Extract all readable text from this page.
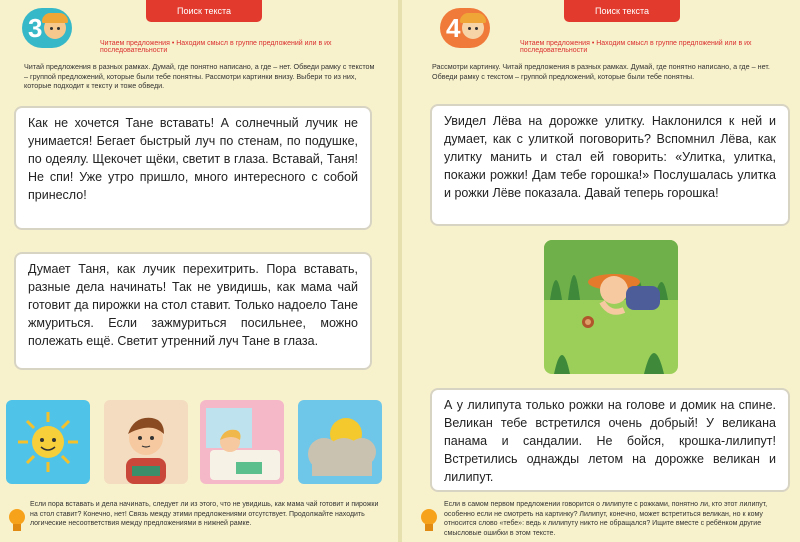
Поиск текста
3
Читаем предложения • Находим смысл в группе предложений или в их последовательности
Читай предложения в разных рамках. Думай, где понятно написано, а где – нет. Обведи рамку с текстом – группой предложений, которые были тебе понятны. Рассмотри картинки внизу. Выбери то из них, которые подходит к тексту и тоже обведи.
Как не хочется Тане вставать! А солнечный лучик не унимается! Бегает быстрый луч по стенам, по подушке, по одеялу. Щекочет щёки, светит в глаза. Вставай, Таня! Не спи! Уже утро пришло, много интересного с собой принесло!
Думает Таня, как лучик перехитрить. Пора вставать, разные дела начинать! Так не увидишь, как мама чай готовит да пирожки на стол ставит. Только надоело Тане жмуриться. Если зажмуриться посильнее, можно полежать ещё. Светит утренний луч Тане в глаза.
Если пора вставать и дела начинать, следует ли из этого, что не увидишь, как мама чай готовит и пирожки на стол ставит? Конечно, нет! Связь между этими предложениями отсутствует. Продолжайте находить логические несоответствия между предложениями в нижней рамке.
Поиск текста
4
Читаем предложения • Находим смысл в группе предложений или в их последовательности
Рассмотри картинку. Читай предложения в разных рамках. Думай, где понятно написано, а где – нет. Обведи рамку с текстом – группой предложений, которые были тебе понятны.
Увидел Лёва на дорожке улитку. Наклонился к ней и думает, как с улиткой поговорить? Вспомнил Лёва, как улитку манить и стал ей говорить: «Улитка, улитка, покажи рожки! Дам тебе горошка!» Послушалась улитка и рожки Лёве показала. Давай теперь горошка!
А у лилипута только рожки на голове и домик на спине. Великан тебе встретился очень добрый! У великана панама и сандалии. Не бойся, крошка-лилипут! Встретились однажды летом на дорожке великан и лилипут.
Если в самом первом предложении говорится о лилипуте с рожками, понятно ли, кто этот лилипут, особенно если не смотреть на картинку? Лилипут, конечно, может встретиться великан, но к кому относится слово «тебе»: ведь к лилипуту никто не обращался? Ищите вместе с ребёнком другие смысловые ошибки в этом тексте.
